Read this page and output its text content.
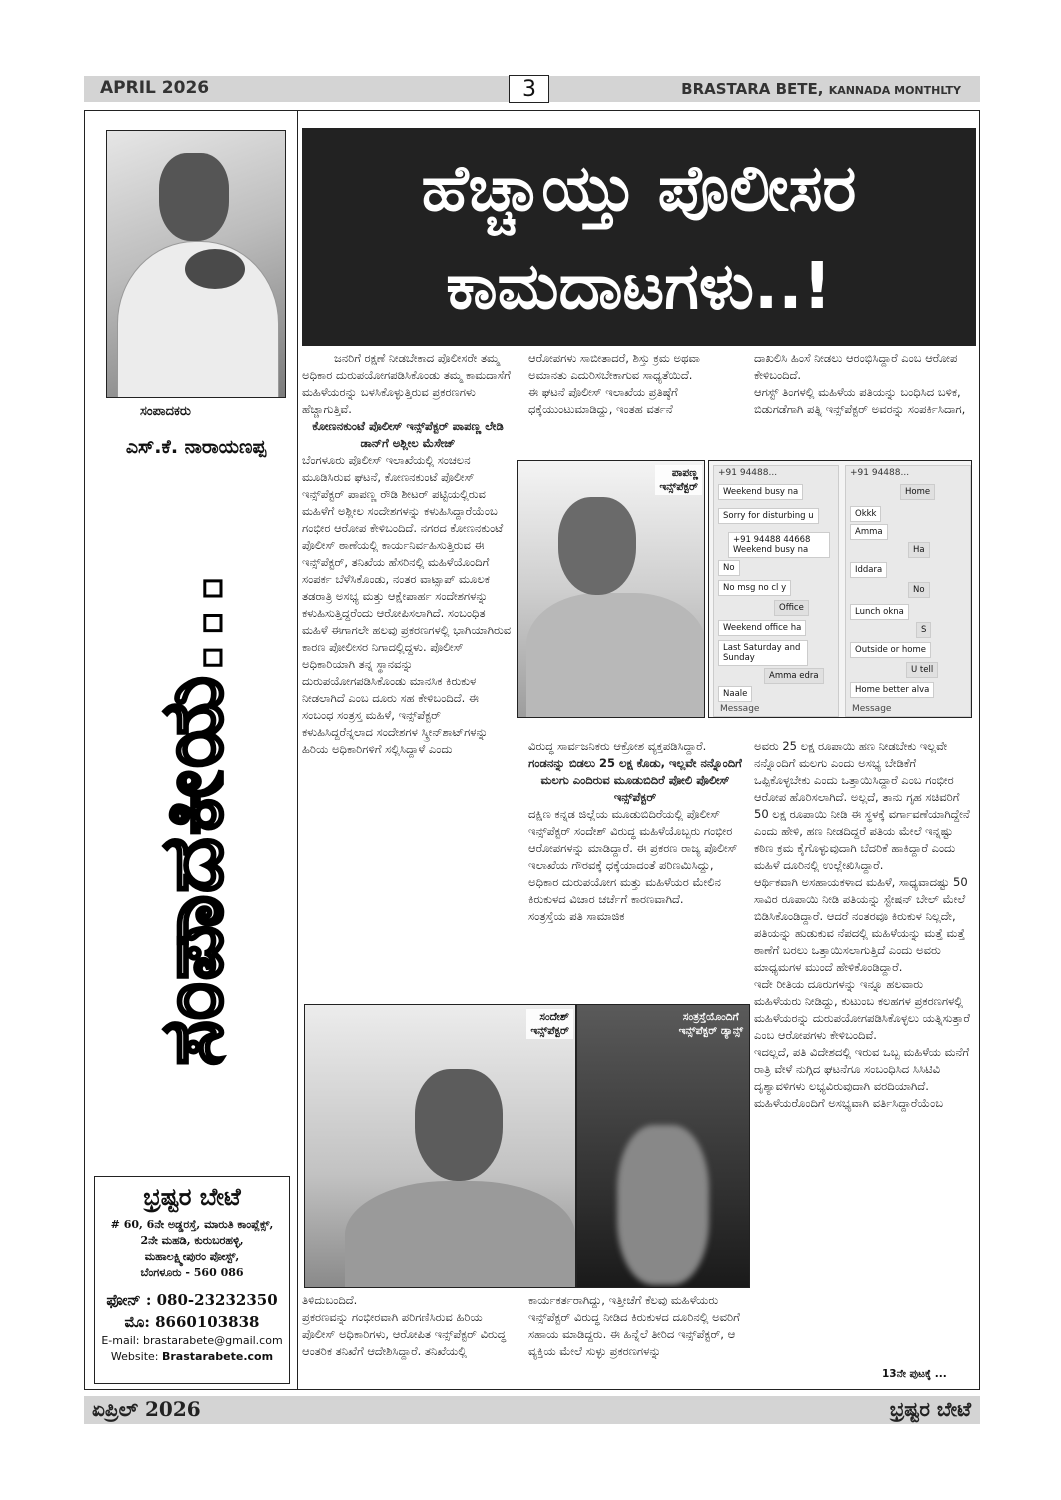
APRIL 2026	3	BRASTARA BETE, KANNADA MONTHLTY
ಸಂಪಾದಕರು
ಎಸ್.ಕೆ. ನಾರಾಯಣಪ್ಪ
ಸಂಪಾದಕೀಯ...
ಭ್ರಷ್ಟರ ಬೇಟೆ
# 60, 6ನೇ ಅಡ್ಡರಸ್ತೆ, ಮಾರುತಿ ಕಾಂಪ್ಲೆಕ್ಸ್,
2ನೇ ಮಹಡಿ, ಕುರುಬರಹಳ್ಳಿ,
ಮಹಾಲಕ್ಷ್ಮೀಪುರಂ ಪೋಸ್ಟ್,
ಬೆಂಗಳೂರು - 560 086
ಫೋನ್ : 080-23232350
ಮೊ: 8660103838
E-mail: brastarabete@gmail.com
Website: Brastarabete.com
ಹೆಚ್ಚಾಯ್ತು ಪೊಲೀಸರ
ಕಾಮದಾಟಗಳು..!

ಜನರಿಗೆ ರಕ್ಷಣೆ ನೀಡಬೇಕಾದ ಪೊಲೀಸರೇ ತಮ್ಮ ಅಧಿಕಾರ ದುರುಪಯೋಗಪಡಿಸಿಕೊಂಡು ತಮ್ಮ ಕಾಮದಾಸೆಗೆ ಮಹಿಳೆಯರನ್ನು ಬಳಸಿಕೊಳ್ಳುತ್ತಿರುವ ಪ್ರಕರಣಗಳು ಹೆಚ್ಚಾಗುತ್ತಿವೆ.

ಕೋಣನಕುಂಟೆ ಪೊಲೀಸ್ ಇನ್ಸ್‌ಪೆಕ್ಟರ್ ಪಾಪಣ್ಣ ಲೇಡಿ ಡಾನ್‌ಗೆ ಅಶ್ಲೀಲ ಮೆಸೇಜ್

ಬೆಂಗಳೂರು ಪೊಲೀಸ್ ಇಲಾಖೆಯಲ್ಲಿ ಸಂಚಲನ ಮೂಡಿಸಿರುವ ಘಟನೆ, ಕೋಣನಕುಂಟೆ ಪೊಲೀಸ್ ಇನ್ಸ್‌ಪೆಕ್ಟರ್ ಪಾಪಣ್ಣ ರೌಡಿ ಶೀಟರ್ ಪಟ್ಟಿಯಲ್ಲಿರುವ ಮಹಿಳೆಗೆ ಅಶ್ಲೀಲ ಸಂದೇಶಗಳನ್ನು ಕಳುಹಿಸಿದ್ದಾರೆಯೆಂಬ ಗಂಭೀರ ಆರೋಪ ಕೇಳಿಬಂದಿದೆ. ನಗರದ ಕೋಣನಕುಂಟೆ ಪೊಲೀಸ್ ಠಾಣೆಯಲ್ಲಿ ಕಾರ್ಯನಿರ್ವಹಿಸುತ್ತಿರುವ ಈ ಇನ್ಸ್‌ಪೆಕ್ಟರ್, ತನಿಖೆಯ ಹೆಸರಿನಲ್ಲಿ ಮಹಿಳೆಯೊಂದಿಗೆ ಸಂಪರ್ಕ ಬೆಳೆಸಿಕೊಂಡು, ನಂತರ ವಾಟ್ಸಾಪ್ ಮೂಲಕ ತಡರಾತ್ರಿ ಅಸಭ್ಯ ಮತ್ತು ಆಕ್ಷೇಪಾರ್ಹ ಸಂದೇಶಗಳನ್ನು ಕಳುಹಿಸುತ್ತಿದ್ದರೆಂದು ಆರೋಪಿಸಲಾಗಿದೆ. ಸಂಬಂಧಿತ ಮಹಿಳೆ ಈಗಾಗಲೇ ಹಲವು ಪ್ರಕರಣಗಳಲ್ಲಿ ಭಾಗಿಯಾಗಿರುವ ಕಾರಣ ಪೋಲೀಸರ ನಿಗಾದಲ್ಲಿದ್ದಳು. ಪೊಲೀಸ್ ಅಧಿಕಾರಿಯಾಗಿ ತನ್ನ ಸ್ಥಾನವನ್ನು ದುರುಪಯೋಗಪಡಿಸಿಕೊಂಡು ಮಾನಸಿಕ ಕಿರುಕುಳ ನೀಡಲಾಗಿದೆ ಎಂಬ ದೂರು ಸಹ ಕೇಳಿಬಂದಿದೆ. ಈ ಸಂಬಂಧ ಸಂತ್ರಸ್ತ ಮಹಿಳೆ, ಇನ್ಸ್‌ಪೆಕ್ಟರ್ ಕಳುಹಿಸಿದ್ದರೆನ್ನಲಾದ ಸಂದೇಶಗಳ ಸ್ಕ್ರೀನ್‌ಶಾಟ್‌ಗಳನ್ನು ಹಿರಿಯ ಅಧಿಕಾರಿಗಳಿಗೆ ಸಲ್ಲಿಸಿದ್ದಾಳೆ ಎಂದು

ಆರೋಪಗಳು ಸಾಬೀತಾದರೆ, ಶಿಸ್ತು ಕ್ರಮ ಅಥವಾ ಅಮಾನತು ಎದುರಿಸಬೇಕಾಗುವ ಸಾಧ್ಯತೆಯಿದೆ.

ಈ ಘಟನೆ ಪೊಲೀಸ್ ಇಲಾಖೆಯ ಪ್ರತಿಷ್ಠೆಗೆ ಧಕ್ಕೆಯುಂಟುಮಾಡಿದ್ದು, ಇಂತಹ ವರ್ತನೆ

ದಾಖಲಿಸಿ ಹಿಂಸೆ ನೀಡಲು ಆರಂಭಿಸಿದ್ದಾರೆ ಎಂಬ ಆರೋಪ ಕೇಳಿಬಂದಿದೆ.

ಆಗಸ್ಟ್ ತಿಂಗಳಲ್ಲಿ ಮಹಿಳೆಯ ಪತಿಯನ್ನು ಬಂಧಿಸಿದ ಬಳಿಕ, ಬಿಡುಗಡೆಗಾಗಿ ಪತ್ನಿ ಇನ್ಸ್‌ಪೆಕ್ಟರ್ ಅವರನ್ನು ಸಂಪರ್ಕಿಸಿದಾಗ,

ಪಾಪಣ್ಣ
ಇನ್ಸ್‌ಪೆಕ್ಟರ್
+91 94488...
Weekend busy na
Sorry for disturbing u
+91 94488 44668 Weekend busy na
No
No msg no cl y
Office
Weekend office ha
Last Saturday and Sunday
Amma edra
Naale
Message
+91 94488...
Home
Okkk
Amma
Ha
Iddara
No
Lunch okna
S
Outside or home
U tell
Home better alva
Message

ವಿರುದ್ಧ ಸಾರ್ವಜನಿಕರು ಆಕ್ರೋಶ ವ್ಯಕ್ತಪಡಿಸಿದ್ದಾರೆ.

ಗಂಡನನ್ನು ಬಿಡಲು 25 ಲಕ್ಷ ಕೊಡು, ಇಲ್ಲವೇ ನನ್ನೊಂದಿಗೆ ಮಲಗು ಎಂದಿರುವ ಮೂಡುಬಿದಿರೆ ಪೋಲಿ ಪೊಲೀಸ್ ಇನ್ಸ್‌ಪೆಕ್ಟರ್

ದಕ್ಷಿಣ ಕನ್ನಡ ಜಿಲ್ಲೆಯ ಮೂಡುಬಿದಿರೆಯಲ್ಲಿ ಪೊಲೀಸ್ ಇನ್ಸ್‌ಪೆಕ್ಟರ್ ಸಂದೇಶ್ ವಿರುದ್ಧ ಮಹಿಳೆಯೊಬ್ಬರು ಗಂಭೀರ ಆರೋಪಗಳನ್ನು ಮಾಡಿದ್ದಾರೆ. ಈ ಪ್ರಕರಣ ರಾಜ್ಯ ಪೊಲೀಸ್ ಇಲಾಖೆಯ ಗೌರವಕ್ಕೆ ಧಕ್ಕೆಯಾದಂತೆ ಪರಿಣಮಿಸಿದ್ದು, ಅಧಿಕಾರ ದುರುಪಯೋಗ ಮತ್ತು ಮಹಿಳೆಯರ ಮೇಲಿನ ಕಿರುಕುಳದ ವಿಚಾರ ಚರ್ಚೆಗೆ ಕಾರಣವಾಗಿದೆ.

ಸಂತ್ರಸ್ತೆಯ ಪತಿ ಸಾಮಾಜಿಕ

ಅವರು 25 ಲಕ್ಷ ರೂಪಾಯಿ ಹಣ ನೀಡಬೇಕು ಇಲ್ಲವೇ ನನ್ನೊಂದಿಗೆ ಮಲಗು ಎಂದು ಅಸಭ್ಯ ಬೇಡಿಕೆಗೆ ಒಪ್ಪಿಕೊಳ್ಳಬೇಕು ಎಂದು ಒತ್ತಾಯಿಸಿದ್ದಾರೆ ಎಂಬ ಗಂಭೀರ ಆರೋಪ ಹೊರಿಸಲಾಗಿದೆ. ಅಲ್ಲದೆ, ತಾನು ಗೃಹ ಸಚಿವರಿಗೆ 50 ಲಕ್ಷ ರೂಪಾಯಿ ನೀಡಿ ಈ ಸ್ಥಳಕ್ಕೆ ವರ್ಗಾವಣೆಯಾಗಿದ್ದೇನೆ ಎಂದು ಹೇಳಿ, ಹಣ ನೀಡದಿದ್ದರೆ ಪತಿಯ ಮೇಲೆ ಇನ್ನಷ್ಟು ಕಠಿಣ ಕ್ರಮ ಕೈಗೊಳ್ಳುವುದಾಗಿ ಬೆದರಿಕೆ ಹಾಕಿದ್ದಾರೆ ಎಂದು ಮಹಿಳೆ ದೂರಿನಲ್ಲಿ ಉಲ್ಲೇಖಿಸಿದ್ದಾರೆ.

ಆರ್ಥಿಕವಾಗಿ ಅಸಹಾಯಕಳಾದ ಮಹಿಳೆ, ಸಾಧ್ಯವಾದಷ್ಟು 50 ಸಾವಿರ ರೂಪಾಯಿ ನೀಡಿ ಪತಿಯನ್ನು ಸ್ಟೇಷನ್ ಬೇಲ್ ಮೇಲೆ ಬಿಡಿಸಿಕೊಂಡಿದ್ದಾರೆ. ಆದರೆ ನಂತರವೂ ಕಿರುಕುಳ ನಿಲ್ಲದೇ, ಪತಿಯನ್ನು ಹುಡುಕುವ ನೆಪದಲ್ಲಿ ಮಹಿಳೆಯನ್ನು ಮತ್ತೆ ಮತ್ತೆ ಠಾಣೆಗೆ ಬರಲು ಒತ್ತಾಯಿಸಲಾಗುತ್ತಿದೆ ಎಂದು ಅವರು ಮಾಧ್ಯಮಗಳ ಮುಂದೆ ಹೇಳಿಕೊಂಡಿದ್ದಾರೆ.

ಇದೇ ರೀತಿಯ ದೂರುಗಳನ್ನು ಇನ್ನೂ ಹಲವಾರು ಮಹಿಳೆಯರು ನೀಡಿದ್ದು, ಕುಟುಂಬ ಕಲಹಗಳ ಪ್ರಕರಣಗಳಲ್ಲಿ ಮಹಿಳೆಯರನ್ನು ದುರುಪಯೋಗಪಡಿಸಿಕೊಳ್ಳಲು ಯತ್ನಿಸುತ್ತಾರೆ ಎಂಬ ಆರೋಪಗಳು ಕೇಳಿಬಂದಿವೆ.

ಇದಲ್ಲದೆ, ಪತಿ ವಿದೇಶದಲ್ಲಿ ಇರುವ ಒಬ್ಬ ಮಹಿಳೆಯ ಮನೆಗೆ ರಾತ್ರಿ ವೇಳೆ ನುಗ್ಗಿದ ಘಟನೆಗೂ ಸಂಬಂಧಿಸಿದ ಸಿಸಿಟಿವಿ ದೃಶ್ಯಾವಳಿಗಳು ಲಭ್ಯವಿರುವುದಾಗಿ ವರದಿಯಾಗಿದೆ.

ಮಹಿಳೆಯರೊಂದಿಗೆ ಅಸಭ್ಯವಾಗಿ ವರ್ತಿಸಿದ್ದಾರೆಯೆಂಬ

ಸಂದೇಶ್
ಇನ್ಸ್‌ಪೆಕ್ಟರ್
ಸಂತ್ರಸ್ತೆಯೊಂದಿಗೆ
ಇನ್ಸ್‌ಪೆಕ್ಟರ್ ಡ್ಯಾನ್ಸ್

ತಿಳಿದುಬಂದಿದೆ.

ಪ್ರಕರಣವನ್ನು ಗಂಭೀರವಾಗಿ ಪರಿಗಣಿಸಿರುವ ಹಿರಿಯ ಪೊಲೀಸ್ ಅಧಿಕಾರಿಗಳು, ಆರೋಪಿತ ಇನ್ಸ್‌ಪೆಕ್ಟರ್ ವಿರುದ್ಧ ಆಂತರಿಕ ತನಿಖೆಗೆ ಆದೇಶಿಸಿದ್ದಾರೆ. ತನಿಖೆಯಲ್ಲಿ

ಕಾರ್ಯಕರ್ತರಾಗಿದ್ದು, ಇತ್ತೀಚೆಗೆ ಕೆಲವು ಮಹಿಳೆಯರು ಇನ್ಸ್‌ಪೆಕ್ಟರ್ ವಿರುದ್ಧ ನೀಡಿದ ಕಿರುಕುಳದ ದೂರಿನಲ್ಲಿ ಅವರಿಗೆ ಸಹಾಯ ಮಾಡಿದ್ದರು. ಈ ಹಿನ್ನೆಲೆ ತೀರಿದ ಇನ್ಸ್‌ಪೆಕ್ಟರ್, ಆ ವ್ಯಕ್ತಿಯ ಮೇಲೆ ಸುಳ್ಳು ಪ್ರಕರಣಗಳನ್ನು

13ನೇ ಪುಟಕ್ಕೆ ...
ಏಪ್ರಿಲ್ 2026	ಭ್ರಷ್ಟರ ಬೇಟೆ
